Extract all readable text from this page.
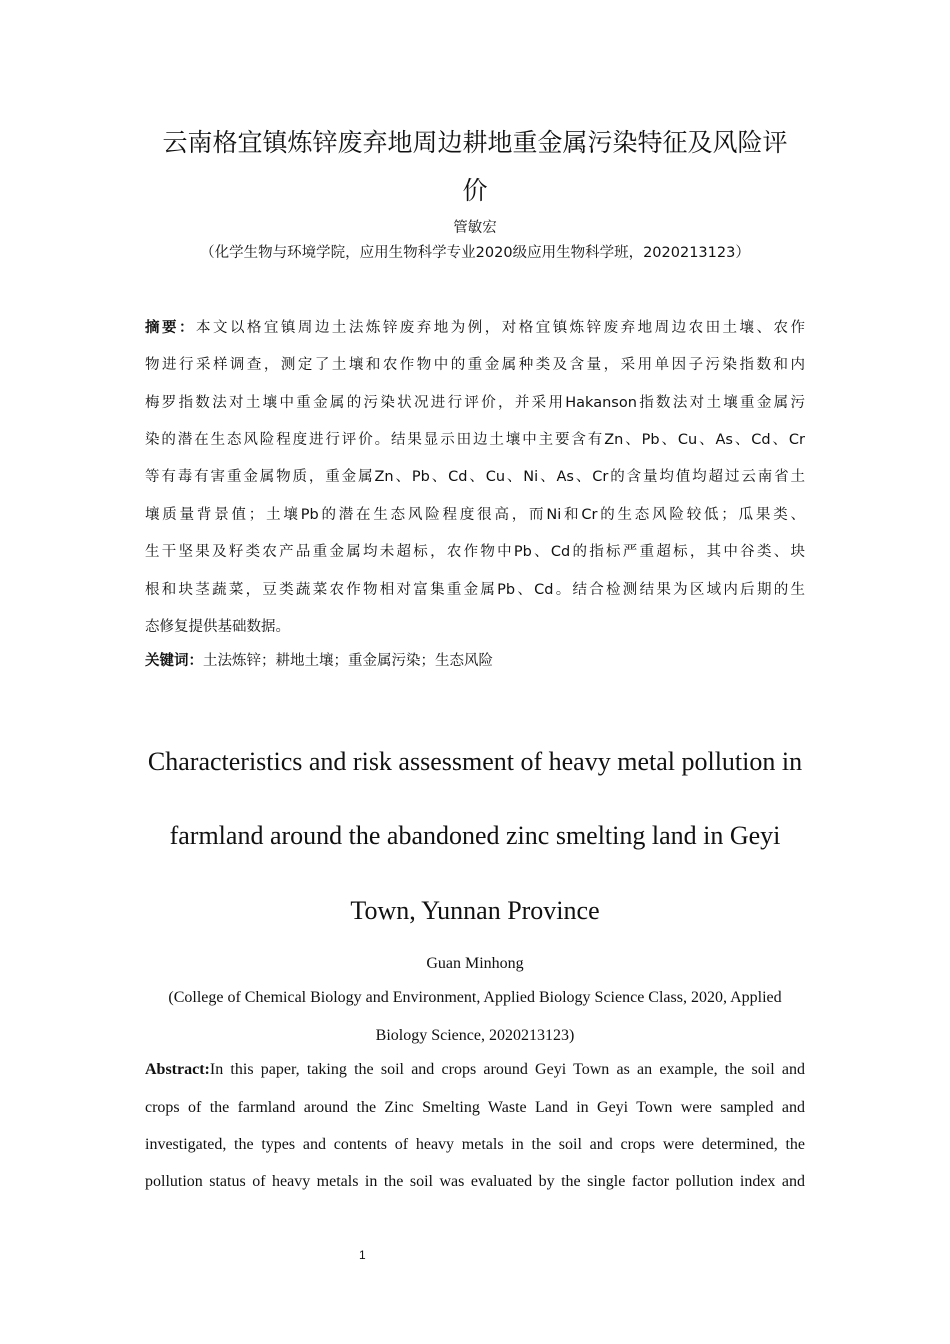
云南格宜镇炼锌废弃地周边耕地重金属污染特征及风险评
价
管敏宏
（化学生物与环境学院，应用生物科学专业2020级应用生物科学班，2020213123）
摘要：本文以格宜镇周边土法炼锌废弃地为例，对格宜镇炼锌废弃地周边农田土壤、农作
物进行采样调查，测定了土壤和农作物中的重金属种类及含量，采用单因子污染指数和内
梅罗指数法对土壤中重金属的污染状况进行评价，并采用Hakanson指数法对土壤重金属污
染的潜在生态风险程度进行评价。结果显示田边土壤中主要含有Zn、Pb、Cu、As、Cd、Cr
等有毒有害重金属物质，重金属Zn、Pb、Cd、Cu、Ni、As、Cr的含量均值均超过云南省土
壤质量背景值；土壤Pb的潜在生态风险程度很高，而Ni和Cr的生态风险较低；瓜果类、
生干坚果及籽类农产品重金属均未超标，农作物中Pb、Cd的指标严重超标，其中谷类、块
根和块茎蔬菜，豆类蔬菜农作物相对富集重金属Pb、Cd。结合检测结果为区域内后期的生
态修复提供基础数据。
关键词：土法炼锌；耕地土壤；重金属污染；生态风险
Characteristics and risk assessment of heavy metal pollution in
farmland around the abandoned zinc smelting land in Geyi
Town, Yunnan Province
Guan Minhong
(College of Chemical Biology and Environment, Applied Biology Science Class, 2020, Applied
Biology Science, 2020213123)
Abstract:In this paper, taking the soil and crops around Geyi Town as an example, the soil and
crops of the farmland around the Zinc Smelting Waste Land in Geyi Town were sampled and
investigated, the types and contents of heavy metals in the soil and crops were determined, the
pollution status of heavy metals in the soil was evaluated by the single factor pollution index and
1
